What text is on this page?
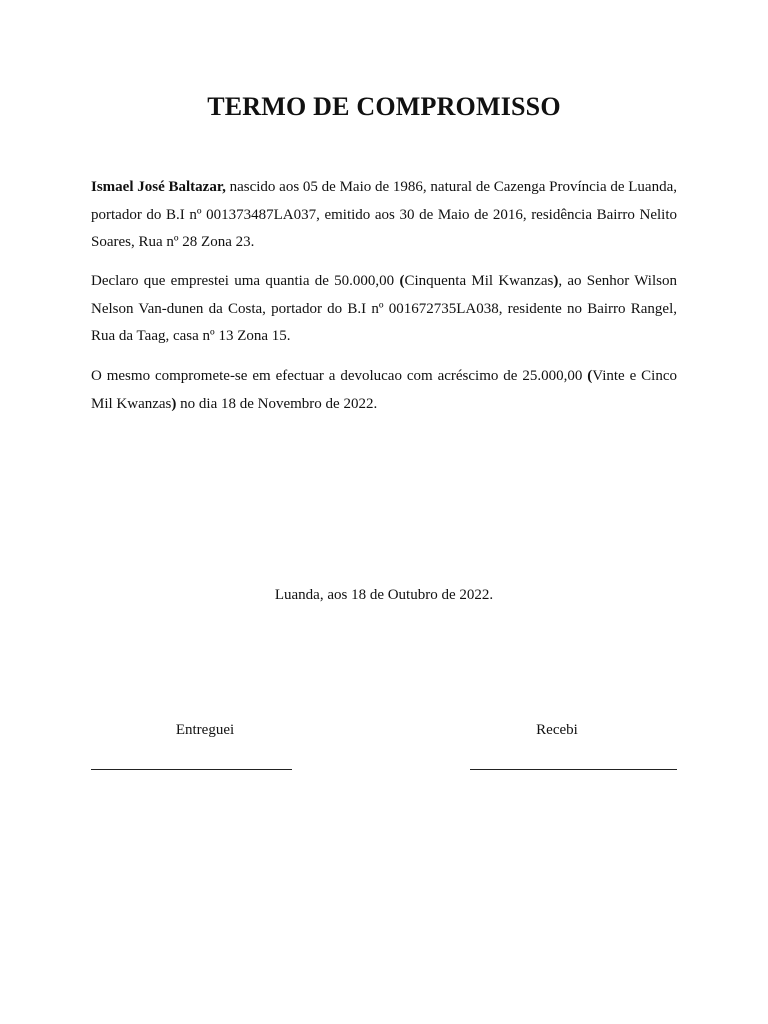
TERMO DE COMPROMISSO

Ismael José Baltazar, nascido aos 05 de Maio de 1986, natural de Cazenga Província de Luanda, portador do B.I nº 001373487LA037, emitido aos 30 de Maio de 2016, residência Bairro Nelito Soares, Rua nº 28 Zona 23.

Declaro que emprestei uma quantia de 50.000,00 (Cinquenta Mil Kwanzas), ao Senhor Wilson Nelson Van-dunen da Costa, portador do B.I nº 001672735LA038, residente no Bairro Rangel, Rua da Taag, casa nº 13 Zona 15.

O mesmo compromete-se em efectuar a devolucao com acréscimo de 25.000,00 (Vinte e Cinco Mil Kwanzas) no dia 18 de Novembro de 2022.

Luanda, aos 18 de Outubro de 2022.

Entreguei	Recebi
